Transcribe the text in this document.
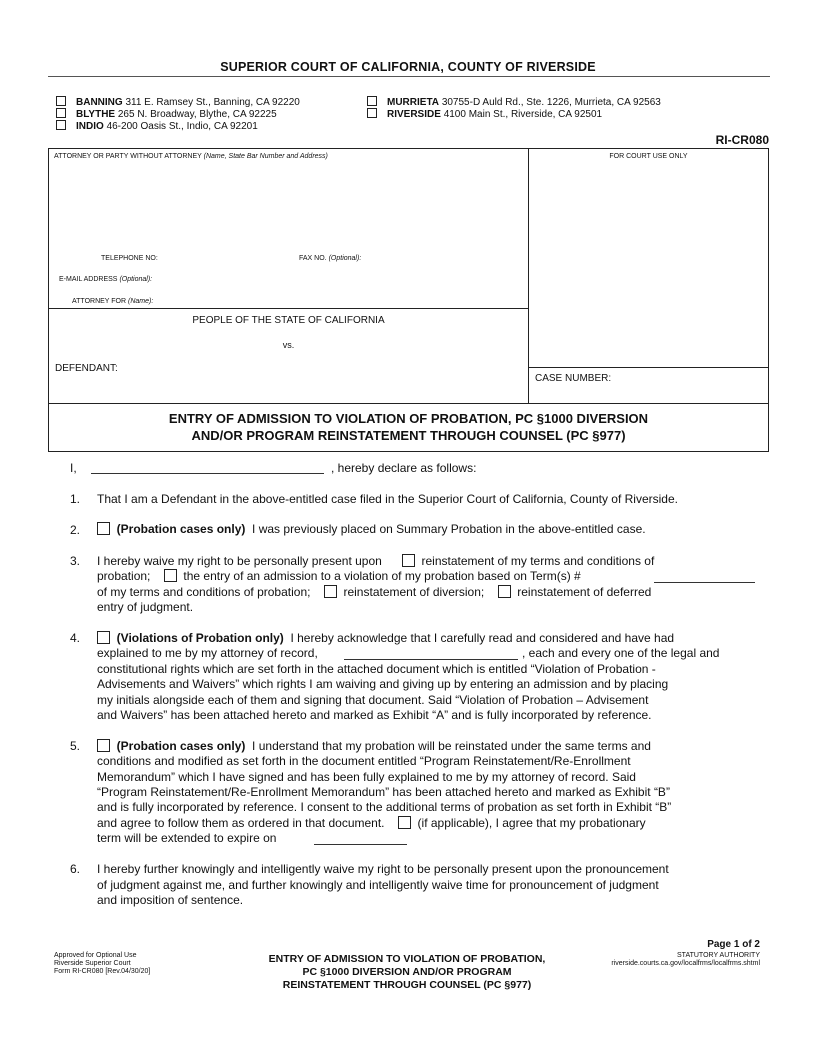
SUPERIOR COURT OF CALIFORNIA, COUNTY OF RIVERSIDE
BANNING 311 E. Ramsey St., Banning, CA 92220
BLYTHE 265 N. Broadway, Blythe, CA 92225
INDIO 46-200 Oasis St., Indio, CA 92201
MURRIETA 30755-D Auld Rd., Ste. 1226, Murrieta, CA 92563
RIVERSIDE 4100 Main St., Riverside, CA 92501
RI-CR080
ATTORNEY OR PARTY WITHOUT ATTORNEY (Name, State Bar Number and Address)	FOR COURT USE ONLY
TELEPHONE NO:	FAX NO. (Optional):
E-MAIL ADDRESS (Optional):
ATTORNEY FOR (Name):
PEOPLE OF THE STATE OF CALIFORNIA
vs.
DEFENDANT:
CASE NUMBER:
ENTRY OF ADMISSION TO VIOLATION OF PROBATION, PC §1000 DIVERSION
AND/OR PROGRAM REINSTATEMENT THROUGH COUNSEL (PC §977)
I,	, hereby declare as follows:
1. That I am a Defendant in the above-entitled case filed in the Superior Court of California, County of Riverside.
2.	(Probation cases only) I was previously placed on Summary Probation in the above-entitled case.
3. I hereby waive my right to be personally present upon	reinstatement of my terms and conditions of
probation;	the entry of an admission to a violation of my probation based on Term(s) #
of my terms and conditions of probation;	reinstatement of diversion;	reinstatement of deferred
entry of judgment.
4.	(Violations of Probation only) I hereby acknowledge that I carefully read and considered and have had
explained to me by my attorney of record,	, each and every one of the legal and
constitutional rights which are set forth in the attached document which is entitled “Violation of Probation -
Advisements and Waivers” which rights I am waiving and giving up by entering an admission and by placing
my initials alongside each of them and signing that document. Said “Violation of Probation – Advisement
and Waivers” has been attached hereto and marked as Exhibit “A” and is fully incorporated by reference.
5.	(Probation cases only) I understand that my probation will be reinstated under the same terms and
conditions and modified as set forth in the document entitled “Program Reinstatement/Re-Enrollment
Memorandum” which I have signed and has been fully explained to me by my attorney of record. Said
“Program Reinstatement/Re-Enrollment Memorandum” has been attached hereto and marked as Exhibit “B”
and is fully incorporated by reference. I consent to the additional terms of probation as set forth in Exhibit “B”
and agree to follow them as ordered in that document.	(if applicable), I agree that my probationary
term will be extended to expire on
6. I hereby further knowingly and intelligently waive my right to be personally present upon the pronouncement
of judgment against me, and further knowingly and intelligently waive time for pronouncement of judgment
and imposition of sentence.
Approved for Optional Use
Riverside Superior Court
Form RI-CR080 [Rev.04/30/20]
ENTRY OF ADMISSION TO VIOLATION OF PROBATION,
PC §1000 DIVERSION AND/OR PROGRAM
REINSTATEMENT THROUGH COUNSEL (PC §977)
Page 1 of 2
STATUTORY AUTHORITY
riverside.courts.ca.gov/localfrms/localfrms.shtml
